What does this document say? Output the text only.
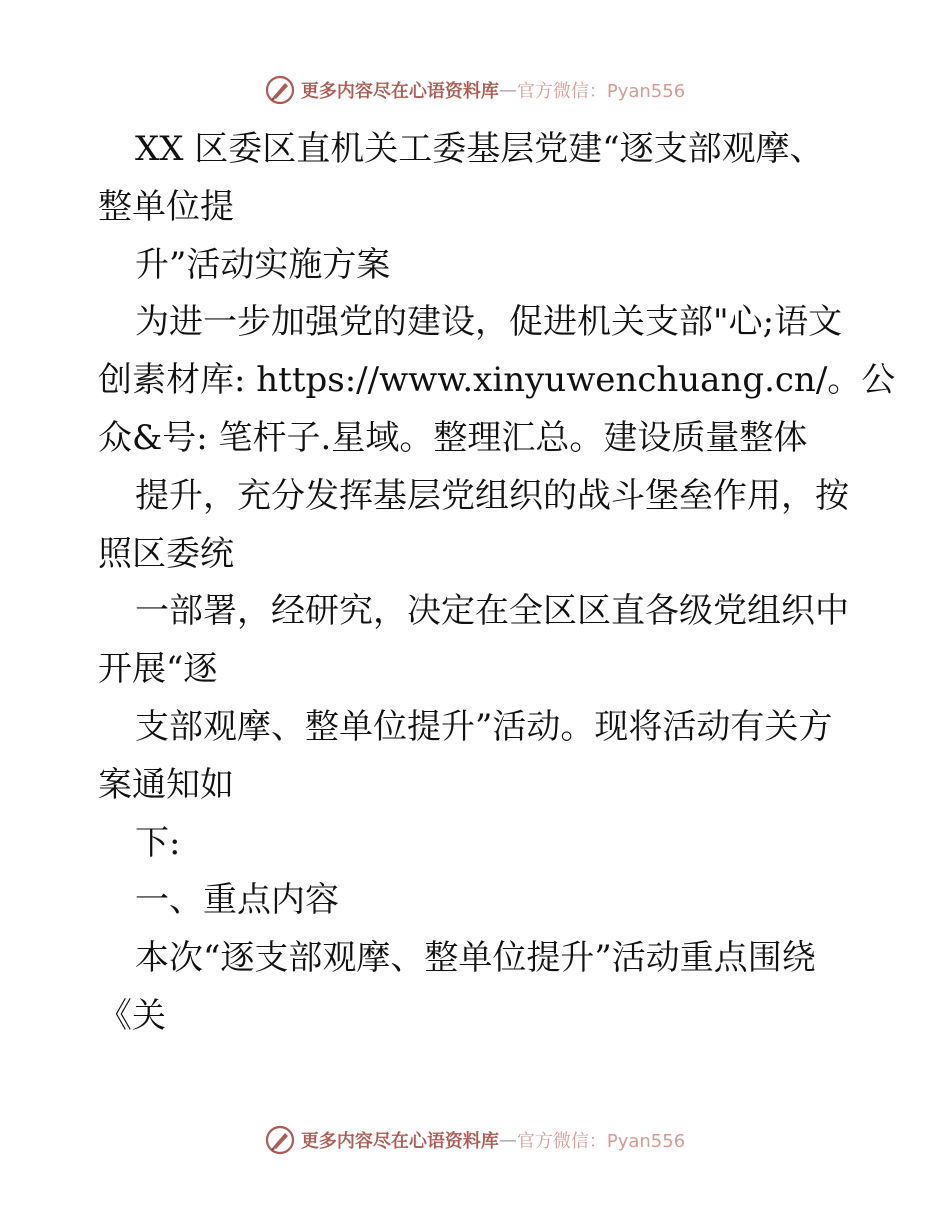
更多内容尽在心语资料库 — 官方微信：Pyan556
XX 区委区直机关工委基层党建“逐支部观摩、
整单位提
升”活动实施方案
为进一步加强党的建设，促进机关支部"心;语文
创素材库: https://www.xinyuwenchuang.cn/。公
众&号: 笔杆子.星域。整理汇总。建设质量整体
提升，充分发挥基层党组织的战斗堡垒作用，按
照区委统
一部署，经研究，决定在全区区直各级党组织中
开展“逐
支部观摩、整单位提升”活动。现将活动有关方
案通知如
下:
一、重点内容
本次“逐支部观摩、整单位提升”活动重点围绕
《关
更多内容尽在心语资料库 — 官方微信：Pyan556
